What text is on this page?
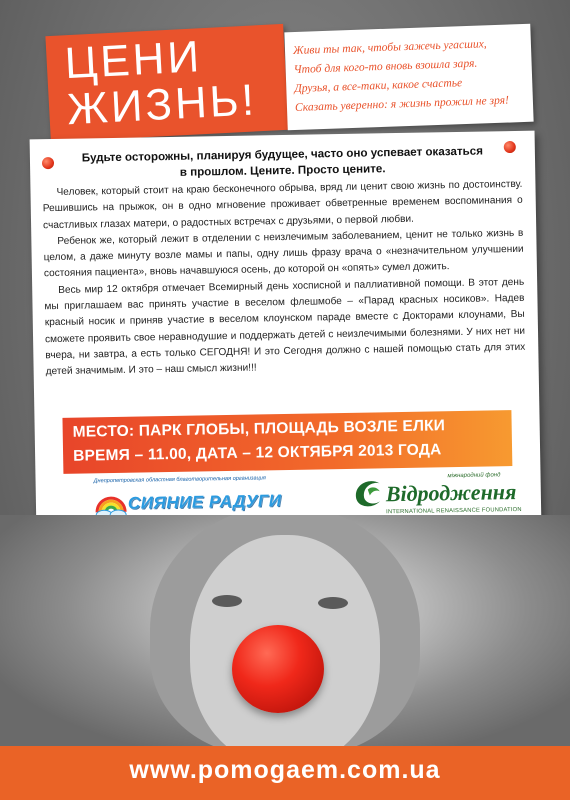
ЦЕНИ
ЖИЗНЬ!
Живи ты так, чтобы зажечь угасших,
Чтоб для кого-то вновь взошла заря.
Друзья, а все-таки, какое счастье
Сказать уверенно: я жизнь прожил не зря!
Будьте осторожны, планируя будущее, часто оно успевает оказаться в прошлом. Цените. Просто цените.

Человек, который стоит на краю бесконечного обрыва, вряд ли ценит свою жизнь по достоинству. Решившись на прыжок, он в одно мгновение проживает обветренные временем воспоминания о счастливых глазах матери, о радостных встречах с друзьями, о первой любви.

Ребенок же, который лежит в отделении с неизлечимым заболеванием, ценит не только жизнь в целом, а даже минуту возле мамы и папы, одну лишь фразу врача о «незначительном улучшении состояния пациента», вновь начавшуюся осень, до которой он «опять» сумел дожить.

Весь мир 12 октября отмечает Всемирный день хосписной и паллиативной помощи. В этот день мы приглашаем вас принять участие в веселом флешмобе – «Парад красных носиков». Надев красный носик и приняв участие в веселом клоунском параде вместе с Докторами клоунами, Вы сможете проявить свое неравнодушие и поддержать детей с неизлечимыми болезнями. У них нет ни вчера, ни завтра, а есть только СЕГОДНЯ! И это Сегодня должно с нашей помощью стать для этих детей значимым. И это – наш смысл жизни!!!

МЕСТО: ПАРК ГЛОБЫ, ПЛОЩАДЬ ВОЗЛЕ ЕЛКИ
ВРЕМЯ – 11.00, ДАТА – 12 ОКТЯБРЯ 2013 ГОДА
Днепропетровская областная благотворительная организация
СИЯНИЕ РАДУГИ
міжнародний фонд
Відродження
INTERNATIONAL RENAISSANCE FOUNDATION
www.pomogaem.com.ua
